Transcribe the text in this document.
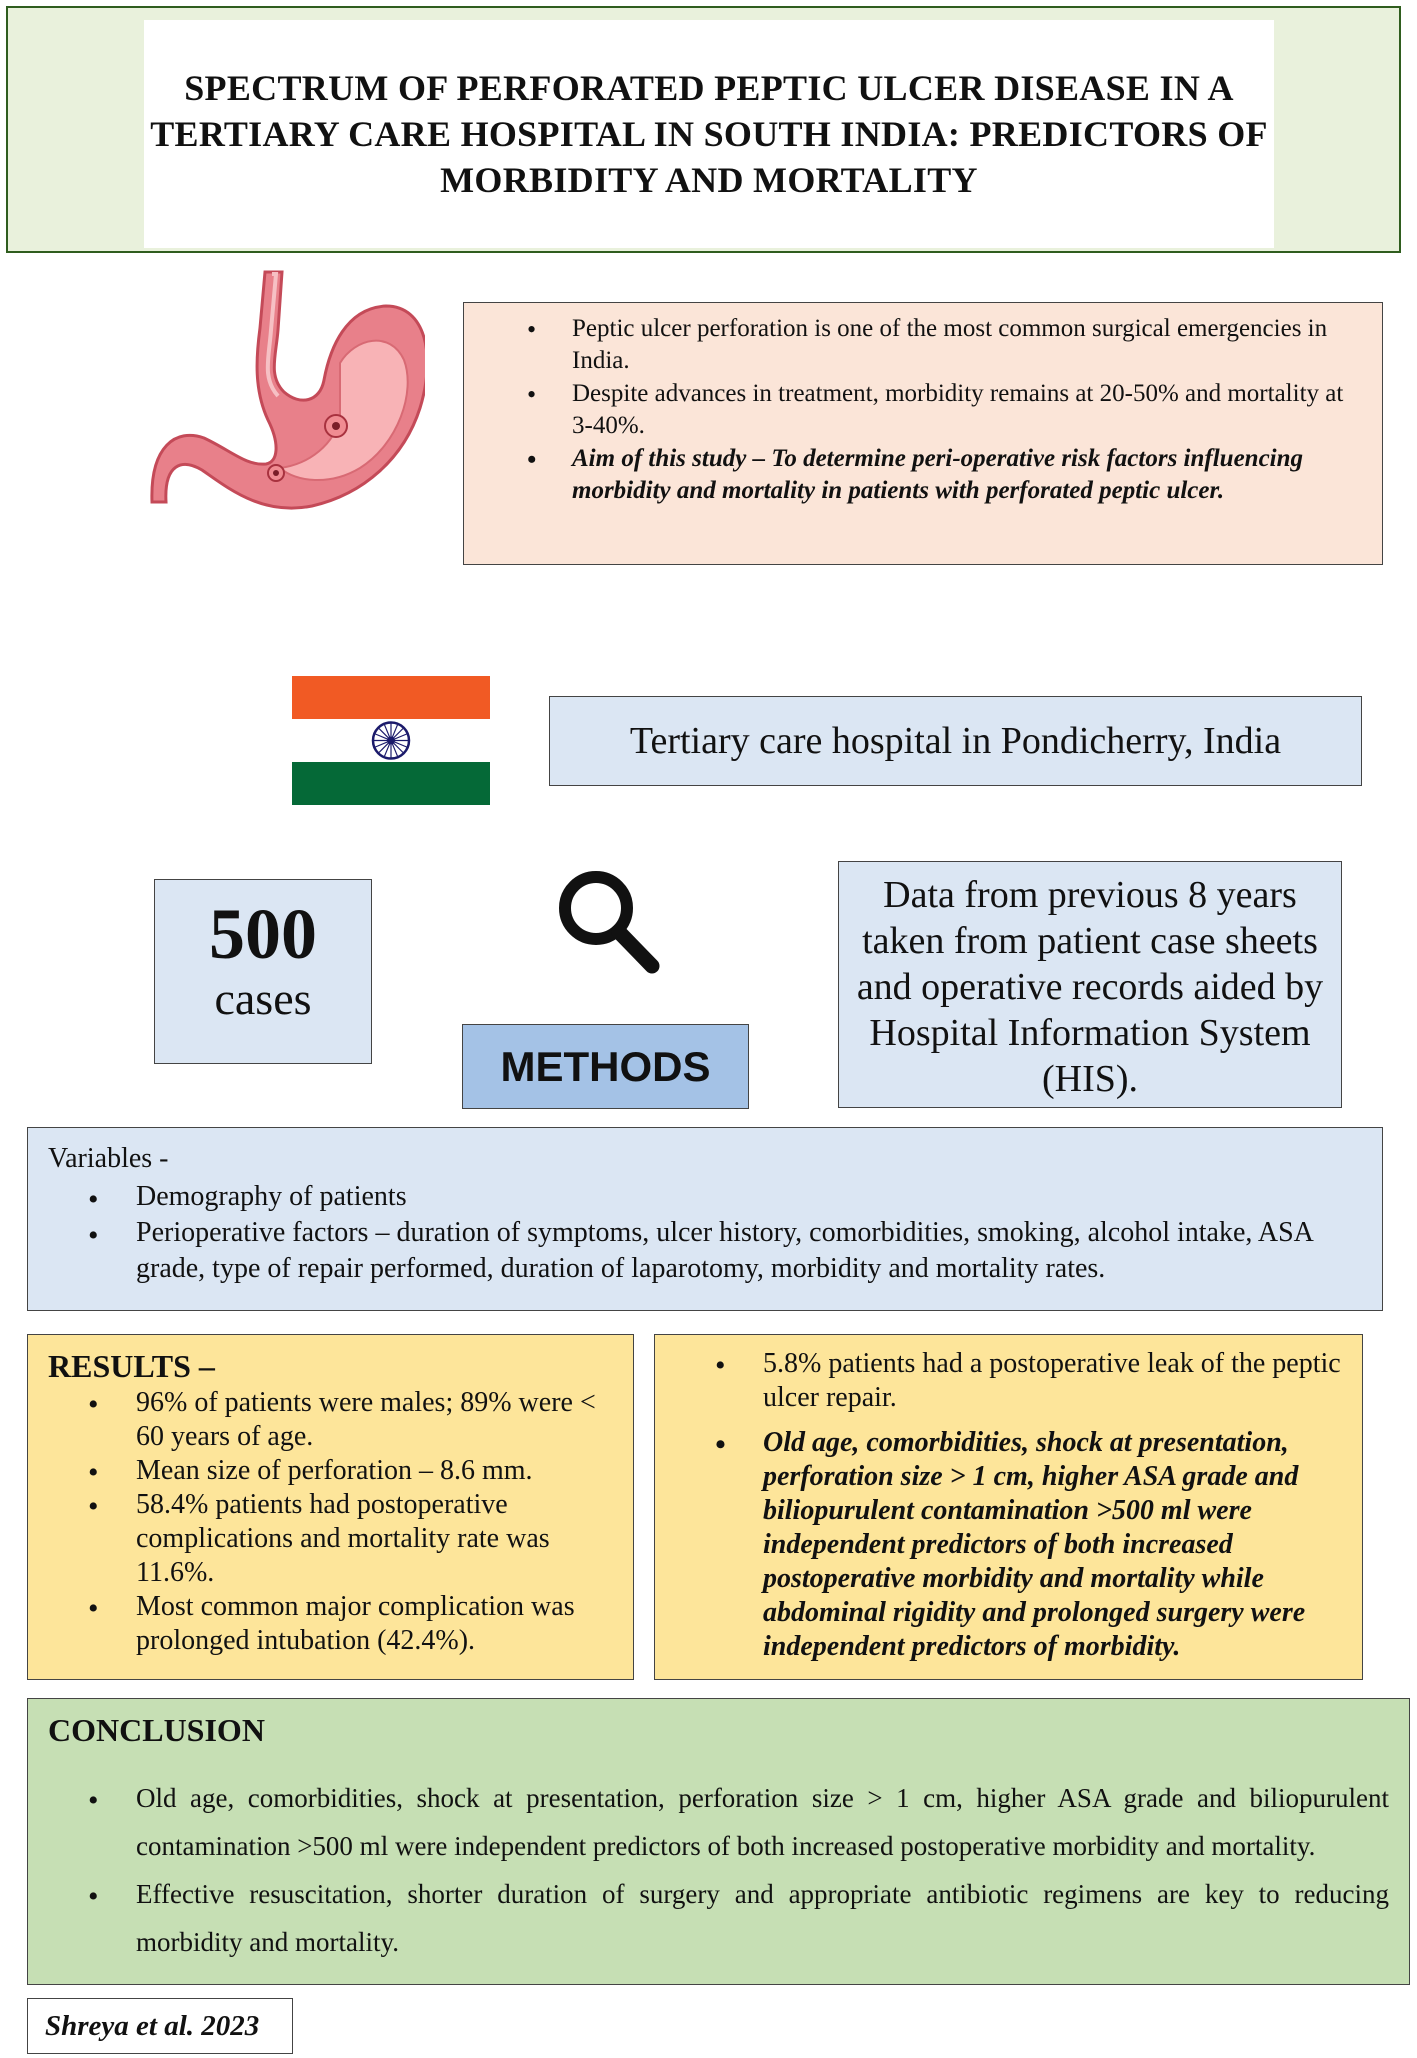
SPECTRUM OF PERFORATED PEPTIC ULCER DISEASE IN A TERTIARY CARE HOSPITAL IN SOUTH INDIA: PREDICTORS OF MORBIDITY AND MORTALITY
• Peptic ulcer perforation is one of the most common surgical emergencies in India.
• Despite advances in treatment, morbidity remains at 20-50% and mortality at 3-40%.
• Aim of this study – To determine peri-operative risk factors influencing morbidity and mortality in patients with perforated peptic ulcer.
Tertiary care hospital in Pondicherry, India
500
cases
METHODS
Data from previous 8 years taken from patient case sheets and operative records aided by Hospital Information System (HIS).
Variables -
• Demography of patients
• Perioperative factors – duration of symptoms, ulcer history, comorbidities, smoking, alcohol intake, ASA grade, type of repair performed, duration of laparotomy, morbidity and mortality rates.
RESULTS –
• 96% of patients were males; 89% were < 60 years of age.
• Mean size of perforation – 8.6 mm.
• 58.4% patients had postoperative complications and mortality rate was 11.6%.
• Most common major complication was prolonged intubation (42.4%).
• 5.8% patients had a postoperative leak of the peptic ulcer repair.
• Old age, comorbidities, shock at presentation, perforation size > 1 cm, higher ASA grade and biliopurulent contamination >500 ml were independent predictors of both increased postoperative morbidity and mortality while abdominal rigidity and prolonged surgery were independent predictors of morbidity.
CONCLUSION
• Old age, comorbidities, shock at presentation, perforation size > 1 cm, higher ASA grade and biliopurulent contamination >500 ml were independent predictors of both increased postoperative morbidity and mortality.
• Effective resuscitation, shorter duration of surgery and appropriate antibiotic regimens are key to reducing morbidity and mortality.
Shreya et al. 2023
